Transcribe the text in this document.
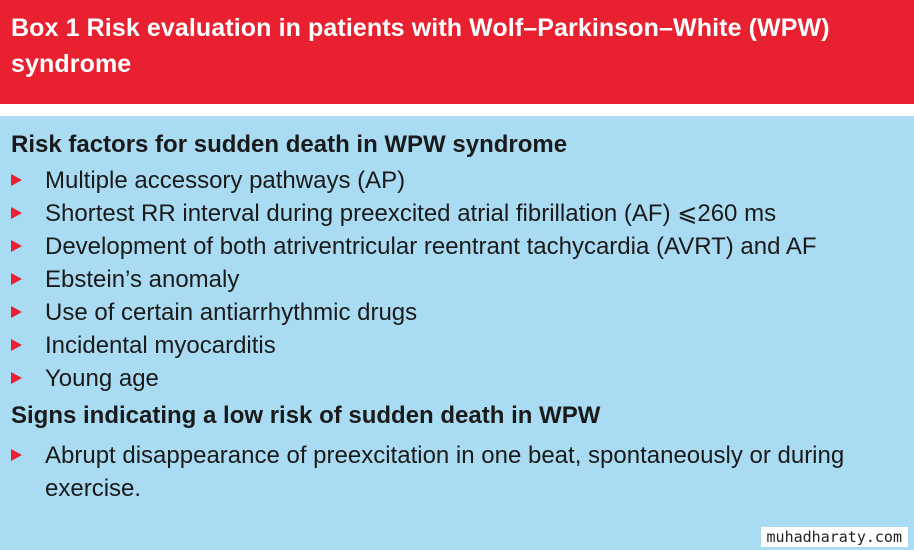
Box 1 Risk evaluation in patients with Wolf–Parkinson–White (WPW) syndrome
Risk factors for sudden death in WPW syndrome
Multiple accessory pathways (AP)
Shortest RR interval during preexcited atrial fibrillation (AF) ⩽260 ms
Development of both atriventricular reentrant tachycardia (AVRT) and AF
Ebstein’s anomaly
Use of certain antiarrhythmic drugs
Incidental myocarditis
Young age
Signs indicating a low risk of sudden death in WPW
Abrupt disappearance of preexcitation in one beat, spontaneously or during exercise.
muhadharaty.com
